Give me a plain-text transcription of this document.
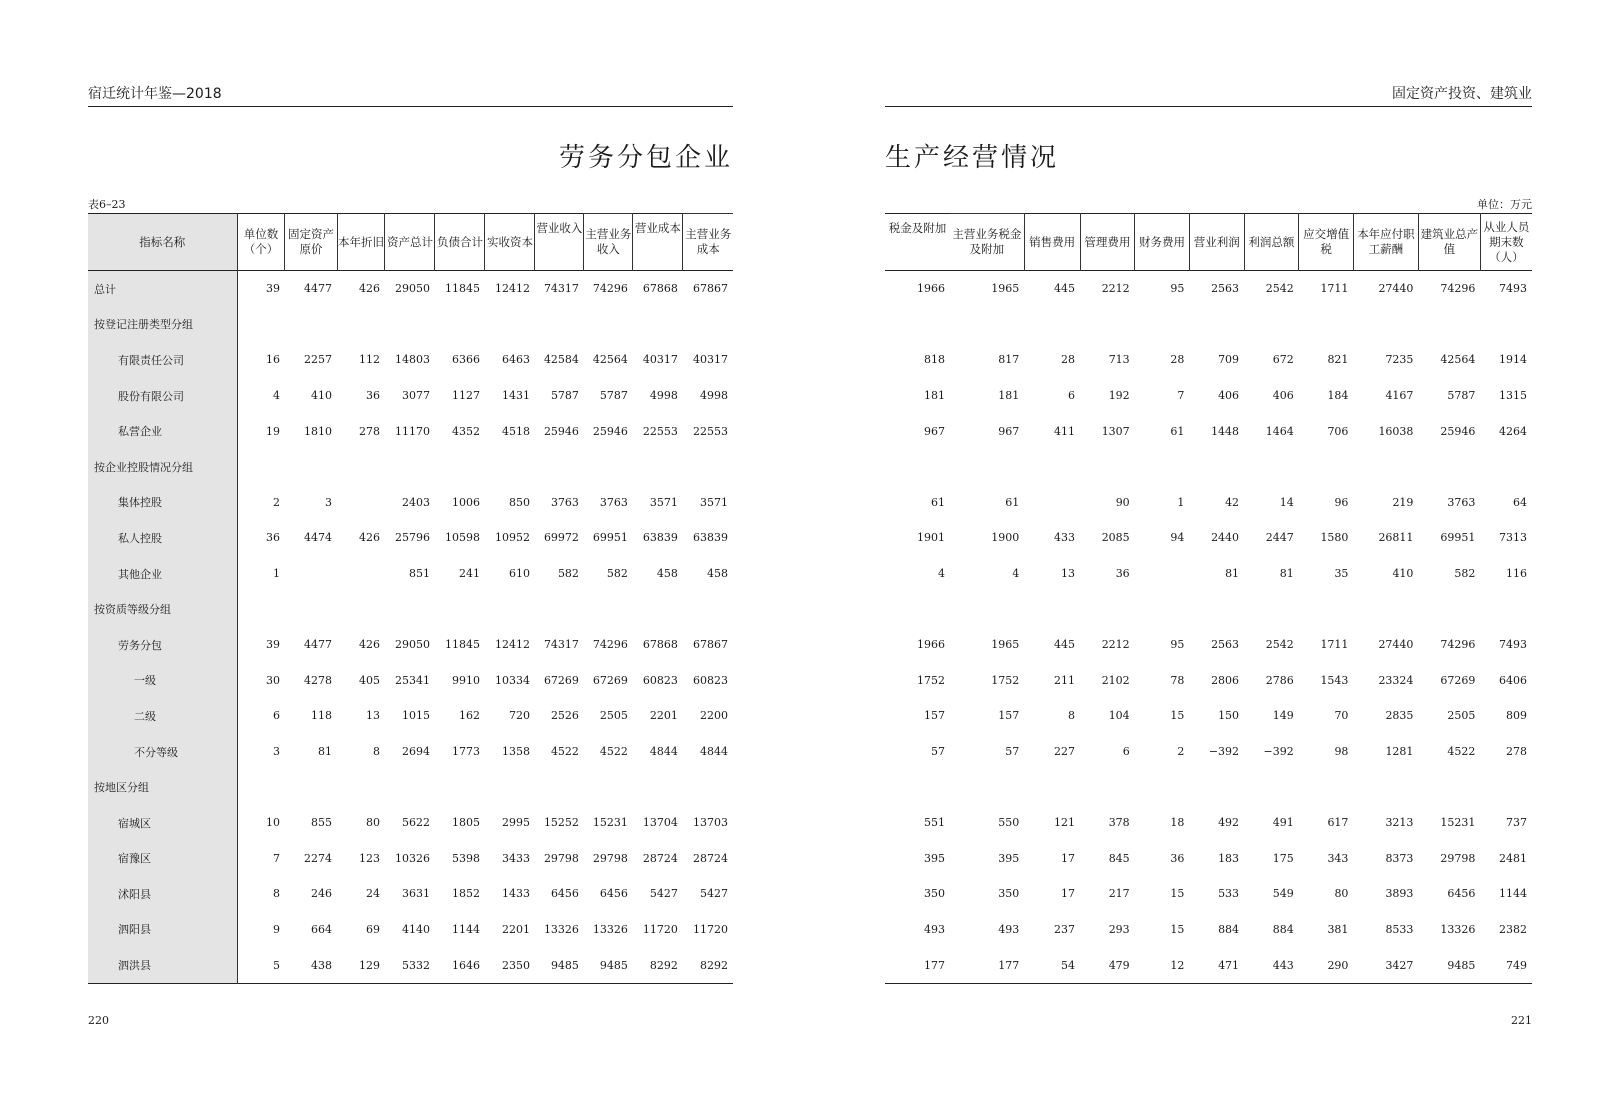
宿迁统计年鉴—2018
劳务分包企业
表6–23
指标名称	单位数（个）	固定资产原价	本年折旧	资产总计	负债合计	实收资本	营业收入	主营业务收入	营业成本	主营业务成本

总计	39	4477	426	29050	11845	12412	74317	74296	67868	67867
按登记注册类型分组										
有限责任公司	16	2257	112	14803	6366	6463	42584	42564	40317	40317
股份有限公司	4	410	36	3077	1127	1431	5787	5787	4998	4998
私营企业	19	1810	278	11170	4352	4518	25946	25946	22553	22553
按企业控股情况分组										
集体控股	2	3		2403	1006	850	3763	3763	3571	3571
私人控股	36	4474	426	25796	10598	10952	69972	69951	63839	63839
其他企业	1			851	241	610	582	582	458	458
按资质等级分组										
劳务分包	39	4477	426	29050	11845	12412	74317	74296	67868	67867
一级	30	4278	405	25341	9910	10334	67269	67269	60823	60823
二级	6	118	13	1015	162	720	2526	2505	2201	2200
不分等级	3	81	8	2694	1773	1358	4522	4522	4844	4844
按地区分组										
宿城区	10	855	80	5622	1805	2995	15252	15231	13704	13703
宿豫区	7	2274	123	10326	5398	3433	29798	29798	28724	28724
沭阳县	8	246	24	3631	1852	1433	6456	6456	5427	5427
泗阳县	9	664	69	4140	1144	2201	13326	13326	11720	11720
泗洪县	5	438	129	5332	1646	2350	9485	9485	8292	8292
220
固定资产投资、建筑业
生产经营情况
单位：万元
税金及附加	主营业务税金及附加	销售费用	管理费用	财务费用	营业利润	利润总额	应交增值税	本年应付职工薪酬	建筑业总产值	从业人员期末数（人）

1966	1965	445	2212	95	2563	2542	1711	27440	74296	7493

818	817	28	713	28	709	672	821	7235	42564	1914
181	181	6	192	7	406	406	184	4167	5787	1315
967	967	411	1307	61	1448	1464	706	16038	25946	4264

61	61		90	1	42	14	96	219	3763	64
1901	1900	433	2085	94	2440	2447	1580	26811	69951	7313
4	4	13	36		81	81	35	410	582	116

1966	1965	445	2212	95	2563	2542	1711	27440	74296	7493
1752	1752	211	2102	78	2806	2786	1543	23324	67269	6406
157	157	8	104	15	150	149	70	2835	2505	809
57	57	227	6	2	−392	−392	98	1281	4522	278

551	550	121	378	18	492	491	617	3213	15231	737
395	395	17	845	36	183	175	343	8373	29798	2481
350	350	17	217	15	533	549	80	3893	6456	1144
493	493	237	293	15	884	884	381	8533	13326	2382
177	177	54	479	12	471	443	290	3427	9485	749
221
